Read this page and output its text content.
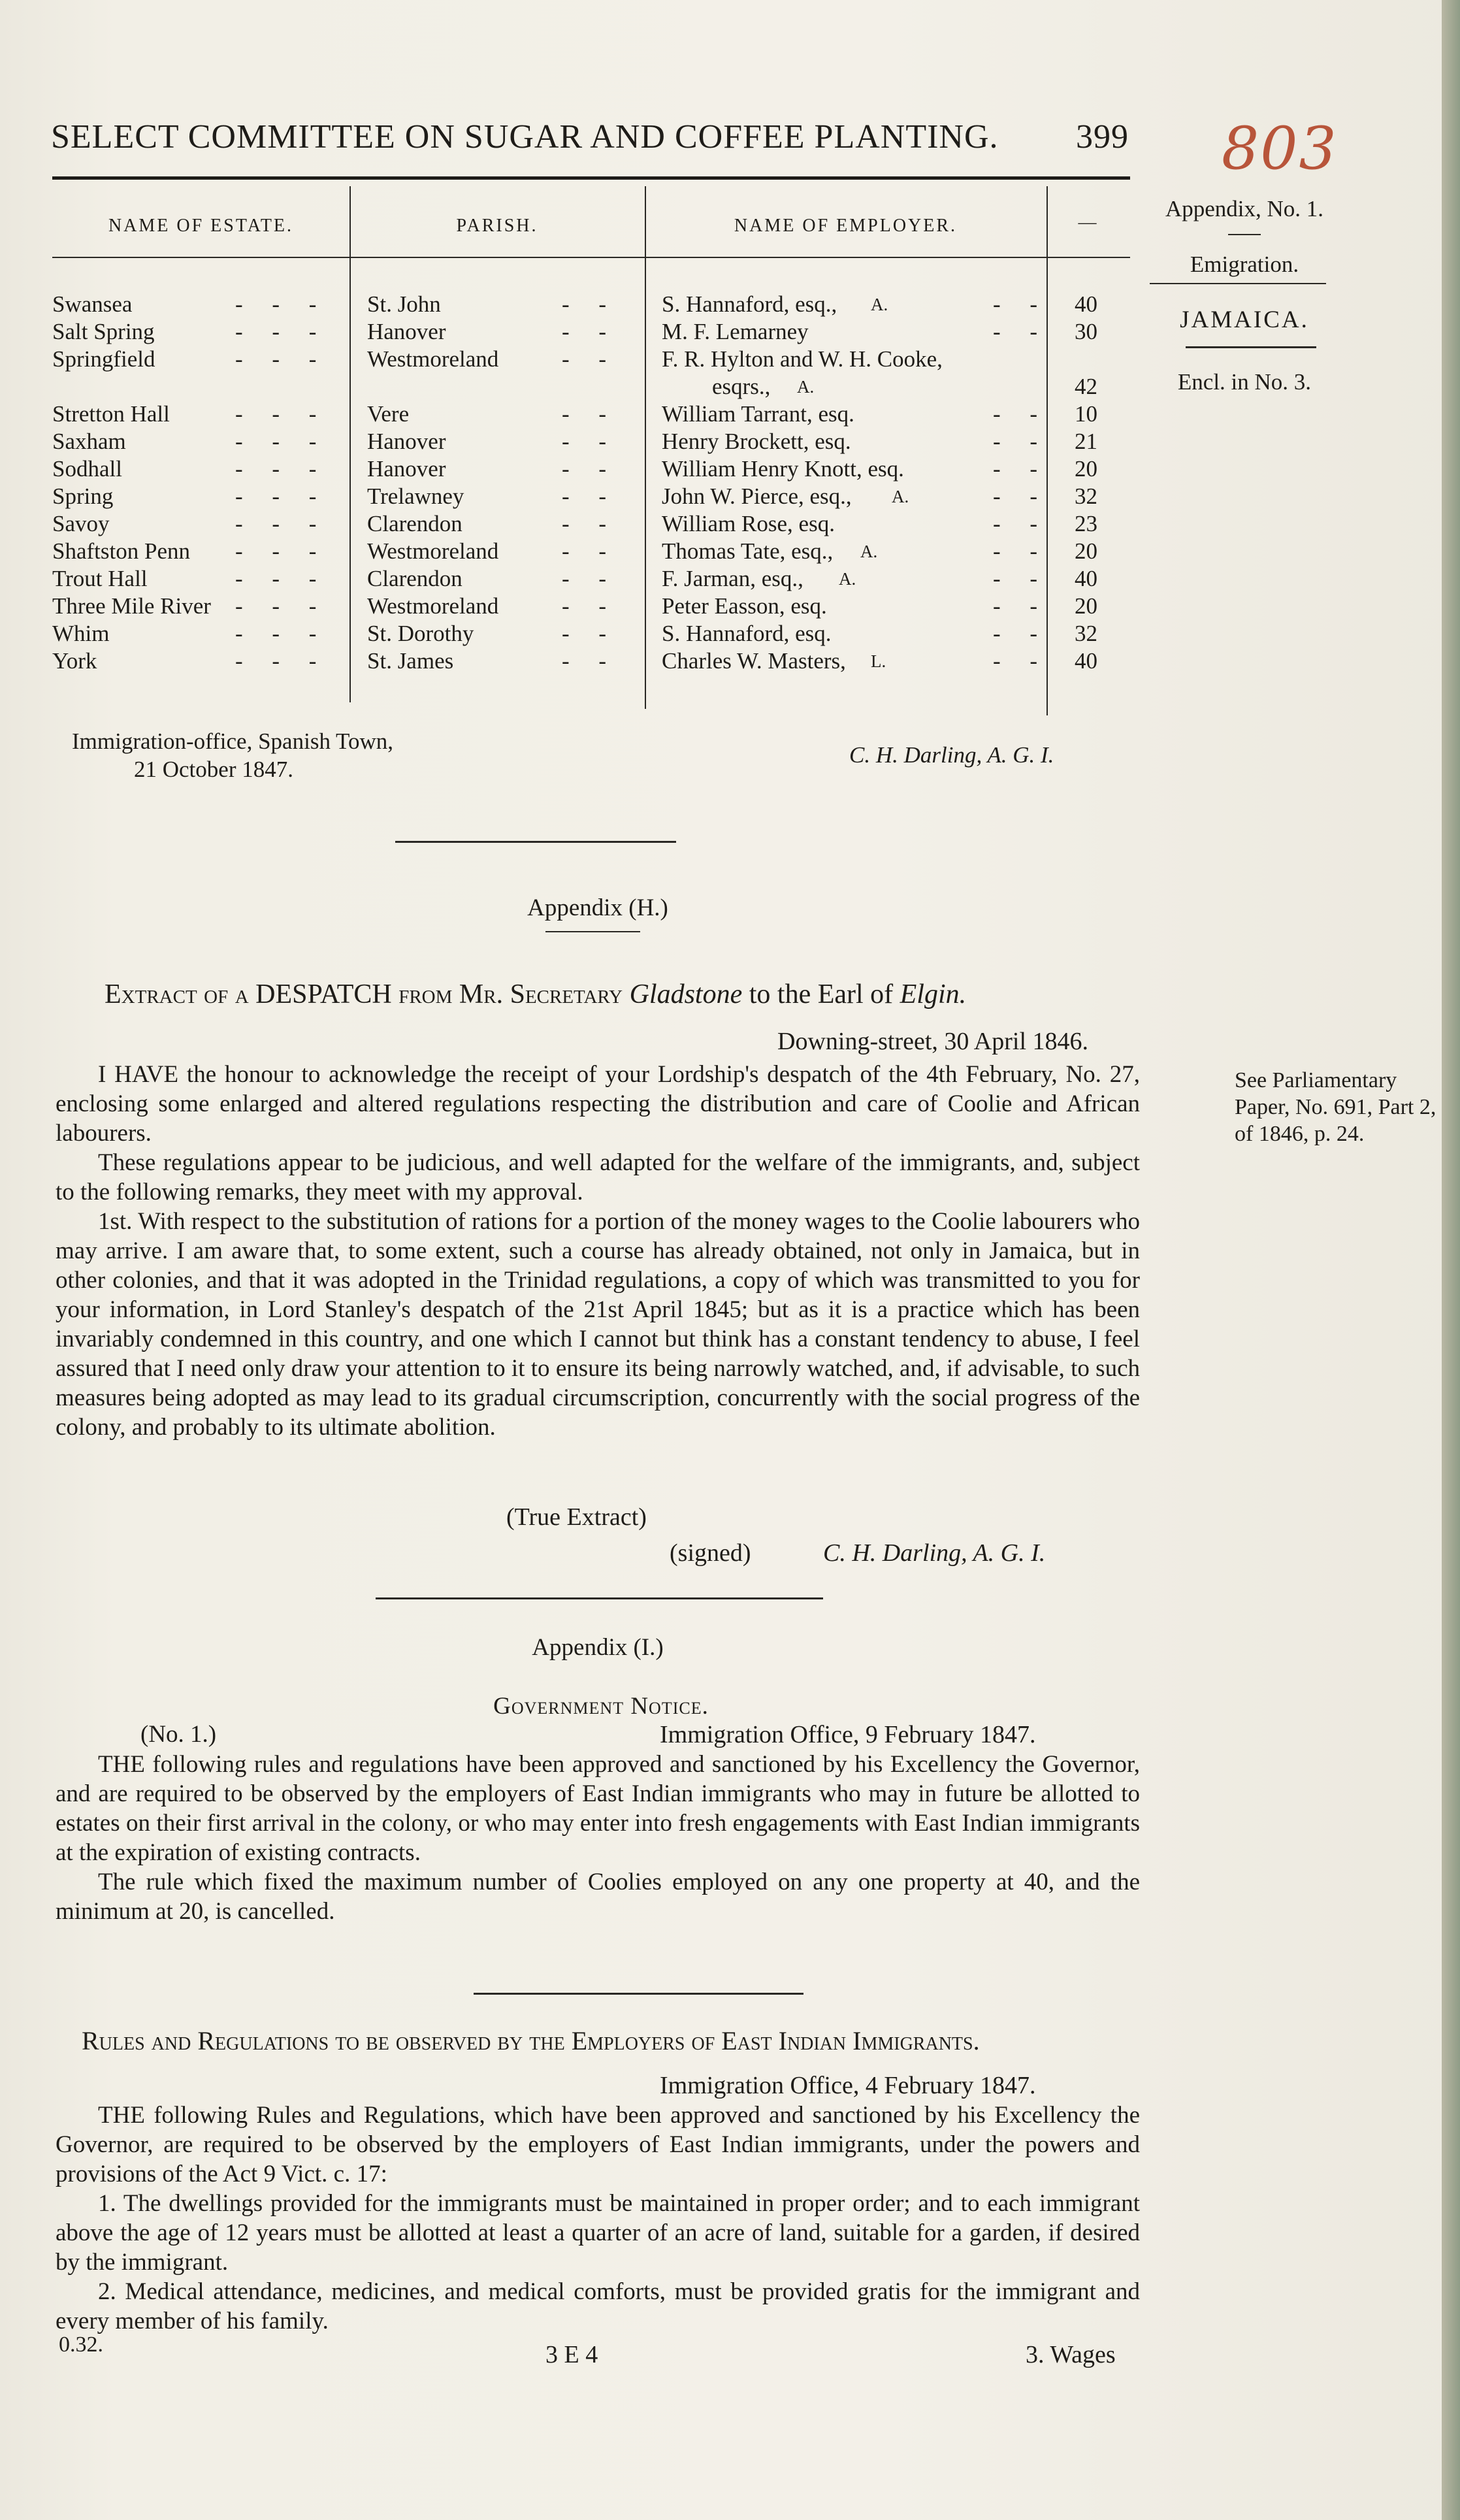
SELECT COMMITTEE ON SUGAR AND COFFEE PLANTING. 399 803
Appendix, No. 1.
Emigration.
JAMAICA.
Encl. in No. 3.
NAME OF ESTATE.	PARISH.	NAME OF EMPLOYER.	—
Swansea	- - - St. John	- - S. Hannaford, esq., A.	- - 40
Salt Spring	- - - Hanover	- - M. F. Lemarney	- - 30
Springfield	- - - Westmoreland	- - F. R. Hylton and W. H. Cooke,
esqrs., A.	42
Stretton Hall	- - - Vere	- - William Tarrant, esq.	- - 10
Saxham	- - - Hanover	- - Henry Brockett, esq.	- - 21
Sodhall	- - - Hanover	- - William Henry Knott, esq.	- - 20
Spring	- - - Trelawney	- - John W. Pierce, esq., A.	- - 32
Savoy	- - - Clarendon	- - William Rose, esq.	- - 23
Shaftston Penn - - - Westmoreland	- - Thomas Tate, esq., A.	- - 20
Trout Hall	- - - Clarendon	- - F. Jarman, esq., A.	- - 40
Three Mile River - - - Westmoreland	- - Peter Easson, esq.	- - 20
Whim	- - - St. Dorothy	- - S. Hannaford, esq.	- - 32
York	- - - St. James	- - Charles W. Masters, L.	- - 40
Immigration-office, Spanish Town,
21 October 1847.
C. H. Darling, A. G. I.
Appendix (H.)
Extract of a DESPATCH from Mr. Secretary Gladstone to the Earl of Elgin.
Downing-street, 30 April 1846.

I HAVE the honour to acknowledge the receipt of your Lordship's despatch of the 4th February, No. 27, enclosing some enlarged and altered regulations respecting the distribution and care of Coolie and African labourers.

These regulations appear to be judicious, and well adapted for the welfare of the immigrants, and, subject to the following remarks, they meet with my approval.

1st. With respect to the substitution of rations for a portion of the money wages to the Coolie labourers who may arrive. I am aware that, to some extent, such a course has already obtained, not only in Jamaica, but in other colonies, and that it was adopted in the Trinidad regulations, a copy of which was transmitted to you for your information, in Lord Stanley's despatch of the 21st April 1845; but as it is a practice which has been invariably condemned in this country, and one which I cannot but think has a constant tendency to abuse, I feel assured that I need only draw your attention to it to ensure its being narrowly watched, and, if advisable, to such measures being adopted as may lead to its gradual circumscription, concurrently with the social progress of the colony, and probably to its ultimate abolition.

See Parliamentary Paper, No. 691, Part 2, of 1846, p. 24.
(True Extract)
(signed)	C. H. Darling, A. G. I.
Appendix (I.)
Government Notice.
(No. 1.)	Immigration Office, 9 February 1847.

THE following rules and regulations have been approved and sanctioned by his Excellency the Governor, and are required to be observed by the employers of East Indian immigrants who may in future be allotted to estates on their first arrival in the colony, or who may enter into fresh engagements with East Indian immigrants at the expiration of existing contracts.

The rule which fixed the maximum number of Coolies employed on any one property at 40, and the minimum at 20, is cancelled.

Rules and Regulations to be observed by the Employers of East Indian Immigrants.
Immigration Office, 4 February 1847.

THE following Rules and Regulations, which have been approved and sanctioned by his Excellency the Governor, are required to be observed by the employers of East Indian immigrants, under the powers and provisions of the Act 9 Vict. c. 17:

1. The dwellings provided for the immigrants must be maintained in proper order; and to each immigrant above the age of 12 years must be allotted at least a quarter of an acre of land, suitable for a garden, if desired by the immigrant.

2. Medical attendance, medicines, and medical comforts, must be provided gratis for the immigrant and every member of his family.

0.32.	3 E 4	3. Wages
